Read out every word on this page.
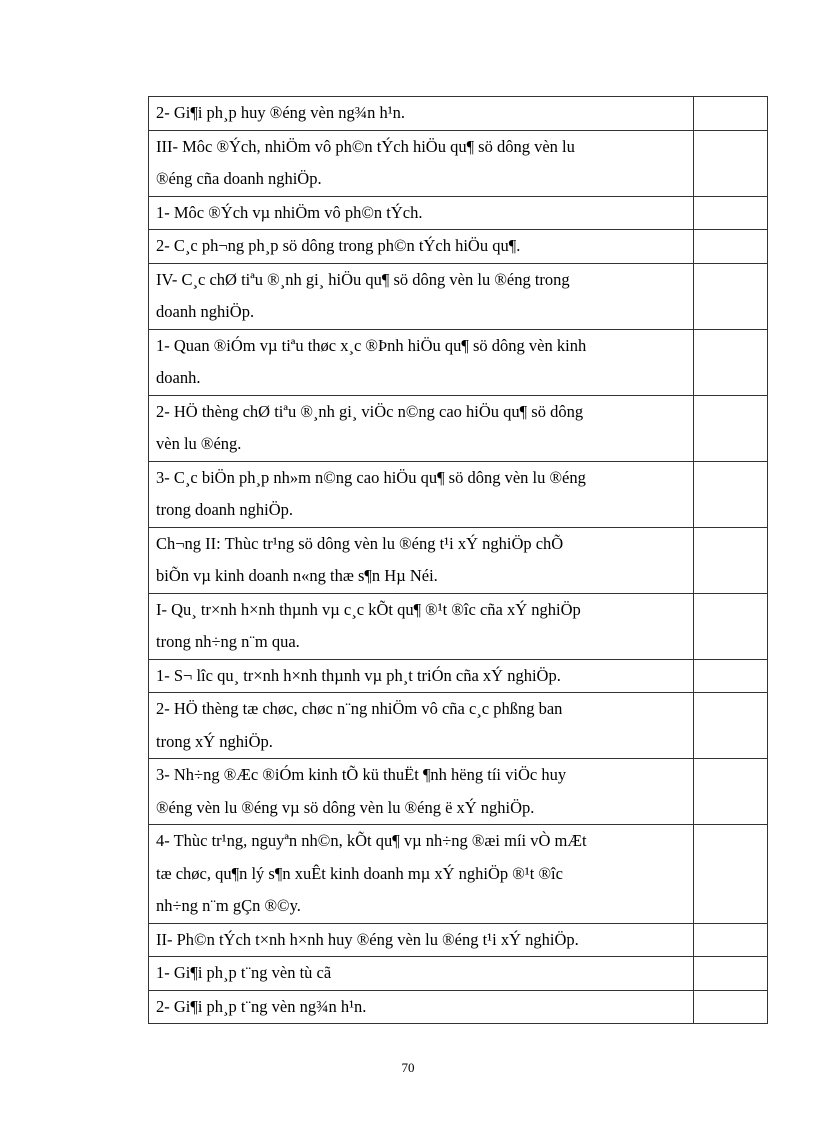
2- Gi¶i ph¸p huy ®éng vèn ng¾n h¹n.	

III- Môc ®Ých, nhiÖm vô ph©n tÝch hiÖu qu¶ sö dông vèn lu
®éng cña doanh nghiÖp.	

1- Môc ®Ých vµ nhiÖm vô ph©n tÝch.	

2- C¸c ph¬ng ph¸p sö dông trong ph©n tÝch hiÖu qu¶.	

IV- C¸c chØ tiªu ®¸nh gi¸ hiÖu qu¶ sö dông vèn lu ®éng trong
doanh nghiÖp.	

1- Quan ®iÓm vµ tiªu thøc x¸c ®Þnh hiÖu qu¶ sö dông vèn kinh
doanh.	

2- HÖ thèng chØ tiªu ®¸nh gi¸ viÖc n©ng cao hiÖu qu¶ sö dông
vèn lu ®éng.	

3- C¸c biÖn ph¸p nh»m n©ng cao hiÖu qu¶ sö dông vèn lu ®éng
trong doanh nghiÖp.	

Ch¬ng II: Thùc tr¹ng sö dông vèn lu ®éng t¹i xÝ nghiÖp chÕ
biÕn vµ kinh doanh n«ng thæ s¶n Hµ Néi.	

I- Qu¸ tr×nh h×nh thµnh vµ c¸c kÕt qu¶ ®¹t ®îc cña xÝ nghiÖp
trong nh÷ng n¨m qua.	

1- S¬ lîc qu¸ tr×nh h×nh thµnh vµ ph¸t triÓn cña xÝ nghiÖp.	

2- HÖ thèng tæ chøc, chøc n¨ng nhiÖm vô cña c¸c phßng ban
trong xÝ nghiÖp.	

3- Nh÷ng ®Æc ®iÓm kinh tÕ kü thuËt ¶nh hëng tíi viÖc huy
®éng vèn lu ®éng vµ sö dông vèn lu ®éng ë xÝ nghiÖp.	

4- Thùc tr¹ng, nguyªn nh©n, kÕt qu¶ vµ nh÷ng ®æi míi vÒ mÆt
tæ chøc, qu¶n lý s¶n xuÊt kinh doanh mµ xÝ nghiÖp ®¹t ®îc
nh÷ng n¨m gÇn ®©y.	

II- Ph©n tÝch t×nh h×nh huy ®éng vèn lu ®éng t¹i xÝ nghiÖp.	

1- Gi¶i ph¸p t¨ng vèn tù cã	

2- Gi¶i ph¸p t¨ng vèn ng¾n h¹n.	

70
